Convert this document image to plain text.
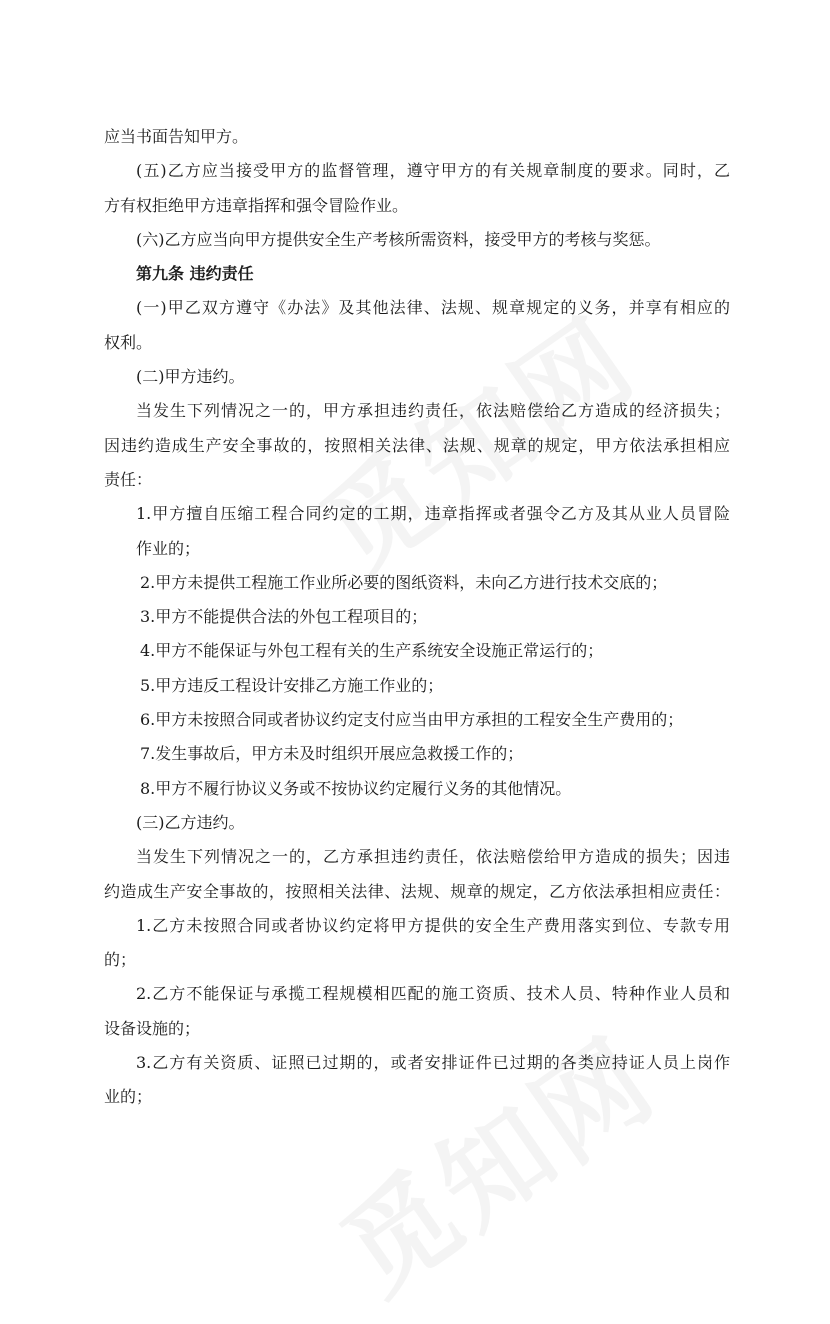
应当书面告知甲方。
(五)乙方应当接受甲方的监督管理，遵守甲方的有关规章制度的要求。同时，乙
方有权拒绝甲方违章指挥和强令冒险作业。
(六)乙方应当向甲方提供安全生产考核所需资料，接受甲方的考核与奖惩。
第九条 违约责任
(一)甲乙双方遵守《办法》及其他法律、法规、规章规定的义务，并享有相应的
权利。
(二)甲方违约。
当发生下列情况之一的，甲方承担违约责任，依法赔偿给乙方造成的经济损失；
因违约造成生产安全事故的，按照相关法律、法规、规章的规定，甲方依法承担相应
责任：
1.甲方擅自压缩工程合同约定的工期，违章指挥或者强令乙方及其从业人员冒险
作业的；
2.甲方未提供工程施工作业所必要的图纸资料，未向乙方进行技术交底的；
3.甲方不能提供合法的外包工程项目的；
4.甲方不能保证与外包工程有关的生产系统安全设施正常运行的；
5.甲方违反工程设计安排乙方施工作业的；
6.甲方未按照合同或者协议约定支付应当由甲方承担的工程安全生产费用的；
7.发生事故后，甲方未及时组织开展应急救援工作的；
8.甲方不履行协议义务或不按协议约定履行义务的其他情况。
(三)乙方违约。
当发生下列情况之一的，乙方承担违约责任，依法赔偿给甲方造成的损失；因违
约造成生产安全事故的，按照相关法律、法规、规章的规定，乙方依法承担相应责任：
1.乙方未按照合同或者协议约定将甲方提供的安全生产费用落实到位、专款专用
的；
2.乙方不能保证与承揽工程规模相匹配的施工资质、技术人员、特种作业人员和
设备设施的；
3.乙方有关资质、证照已过期的，或者安排证件已过期的各类应持证人员上岗作
业的；
